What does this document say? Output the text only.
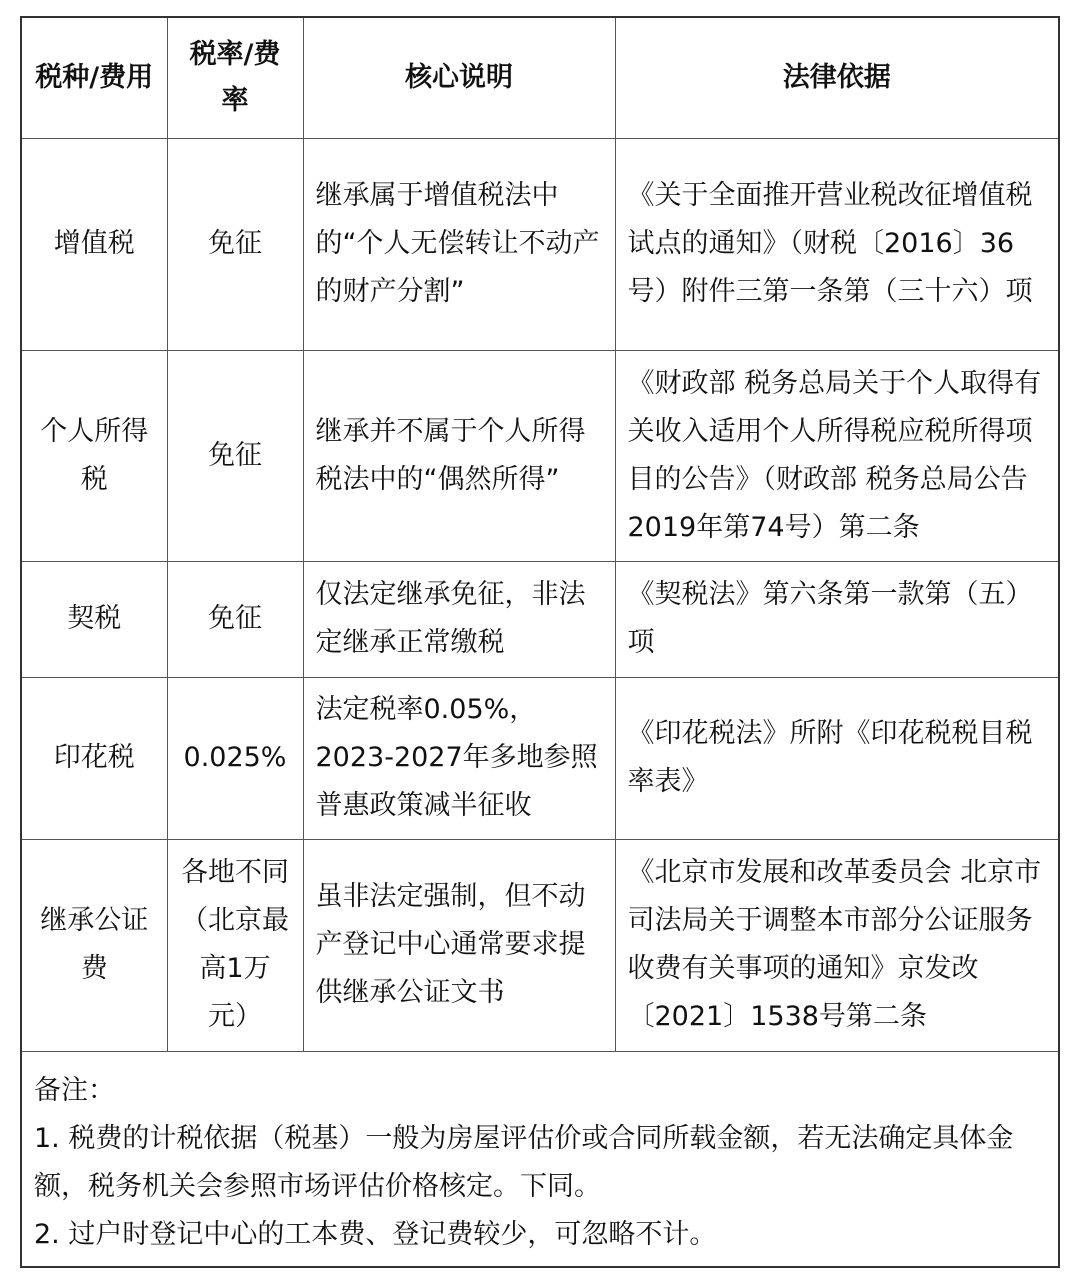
税种/费用	税率/费率	核心说明	法律依据
增值税	免征	继承属于增值税法中的“个人无偿转让不动产的财产分割”	《关于全面推开营业税改征增值税试点的通知》（财税〔2016〕36号）附件三第一条第（三十六）项
个人所得税	免征	继承并不属于个人所得税法中的“偶然所得”	《财政部 税务总局关于个人取得有关收入适用个人所得税应税所得项目的公告》（财政部 税务总局公告2019年第74号）第二条
契税	免征	仅法定继承免征，非法定继承正常缴税	《契税法》第六条第一款第（五）项
印花税	0.025%	法定税率0.05%，2023-2027年多地参照普惠政策减半征收	《印花税法》所附《印花税税目税率表》
继承公证费	各地不同（北京最高1万元）	虽非法定强制，但不动产登记中心通常要求提供继承公证文书	《北京市发展和改革委员会 北京市司法局关于调整本市部分公证服务收费有关事项的通知》京发改〔2021〕1538号第二条

备注：

1. 税费的计税依据（税基）一般为房屋评估价或合同所载金额，若无法确定具体金额，税务机关会参照市场评估价格核定。下同。

2. 过户时登记中心的工本费、登记费较少，可忽略不计。
